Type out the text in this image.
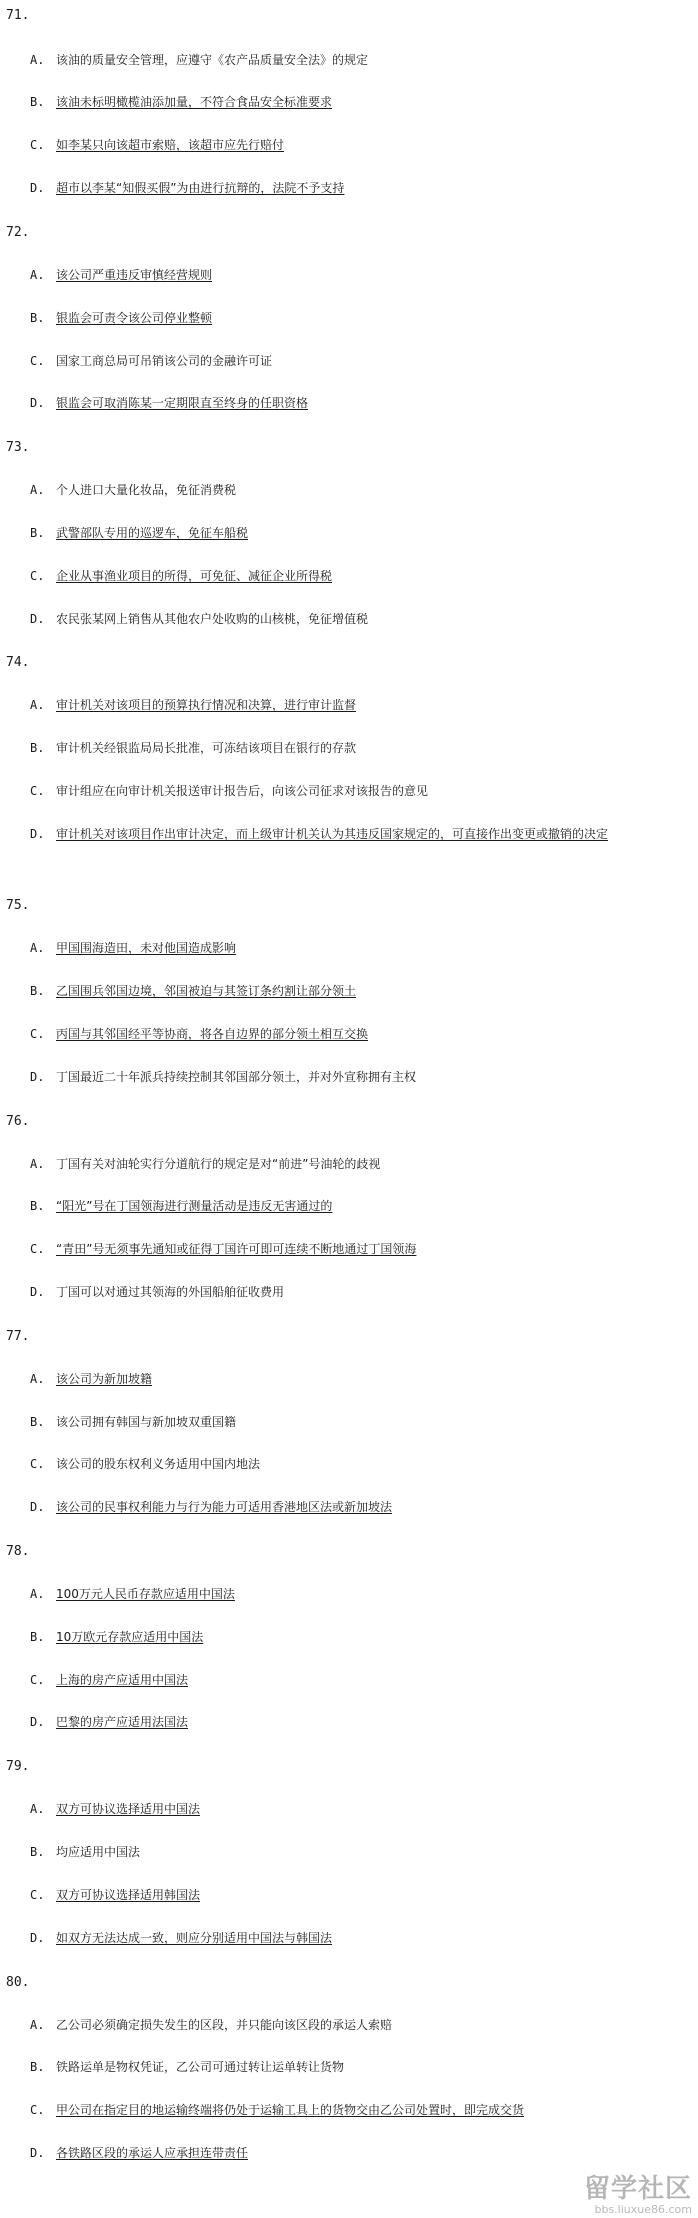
71.
A. 该油的质量安全管理，应遵守《农产品质量安全法》的规定
B. 该油未标明橄榄油添加量，不符合食品安全标准要求
C. 如李某只向该超市索赔，该超市应先行赔付
D. 超市以李某“知假买假”为由进行抗辩的，法院不予支持
72.
A. 该公司严重违反审慎经营规则
B. 银监会可责令该公司停业整顿
C. 国家工商总局可吊销该公司的金融许可证
D. 银监会可取消陈某一定期限直至终身的任职资格
73.
A. 个人进口大量化妆品，免征消费税
B. 武警部队专用的巡逻车，免征车船税
C. 企业从事渔业项目的所得，可免征、减征企业所得税
D. 农民张某网上销售从其他农户处收购的山核桃，免征增值税
74.
A. 审计机关对该项目的预算执行情况和决算，进行审计监督
B. 审计机关经银监局局长批准，可冻结该项目在银行的存款
C. 审计组应在向审计机关报送审计报告后，向该公司征求对该报告的意见
D. 审计机关对该项目作出审计决定，而上级审计机关认为其违反国家规定的，可直接作出变更或撤销的决定
75.
A. 甲国围海造田，未对他国造成影响
B. 乙国围兵邻国边境，邻国被迫与其签订条约割让部分领土
C. 丙国与其邻国经平等协商，将各自边界的部分领土相互交换
D. 丁国最近二十年派兵持续控制其邻国部分领土，并对外宣称拥有主权
76.
A. 丁国有关对油轮实行分道航行的规定是对“前进”号油轮的歧视
B. “阳光”号在丁国领海进行测量活动是违反无害通过的
C. “青田”号无须事先通知或征得丁国许可即可连续不断地通过丁国领海
D. 丁国可以对通过其领海的外国船舶征收费用
77.
A. 该公司为新加坡籍
B. 该公司拥有韩国与新加坡双重国籍
C. 该公司的股东权利义务适用中国内地法
D. 该公司的民事权利能力与行为能力可适用香港地区法或新加坡法
78.
A. 100万元人民币存款应适用中国法
B. 10万欧元存款应适用中国法
C. 上海的房产应适用中国法
D. 巴黎的房产应适用法国法
79.
A. 双方可协议选择适用中国法
B. 均应适用中国法
C. 双方可协议选择适用韩国法
D. 如双方无法达成一致，则应分别适用中国法与韩国法
80.
A. 乙公司必须确定损失发生的区段，并只能向该区段的承运人索赔
B. 铁路运单是物权凭证，乙公司可通过转让运单转让货物
C. 甲公司在指定目的地运输终端将仍处于运输工具上的货物交由乙公司处置时，即完成交货
D. 各铁路区段的承运人应承担连带责任
留学社区
bbs.liuxue86.com
